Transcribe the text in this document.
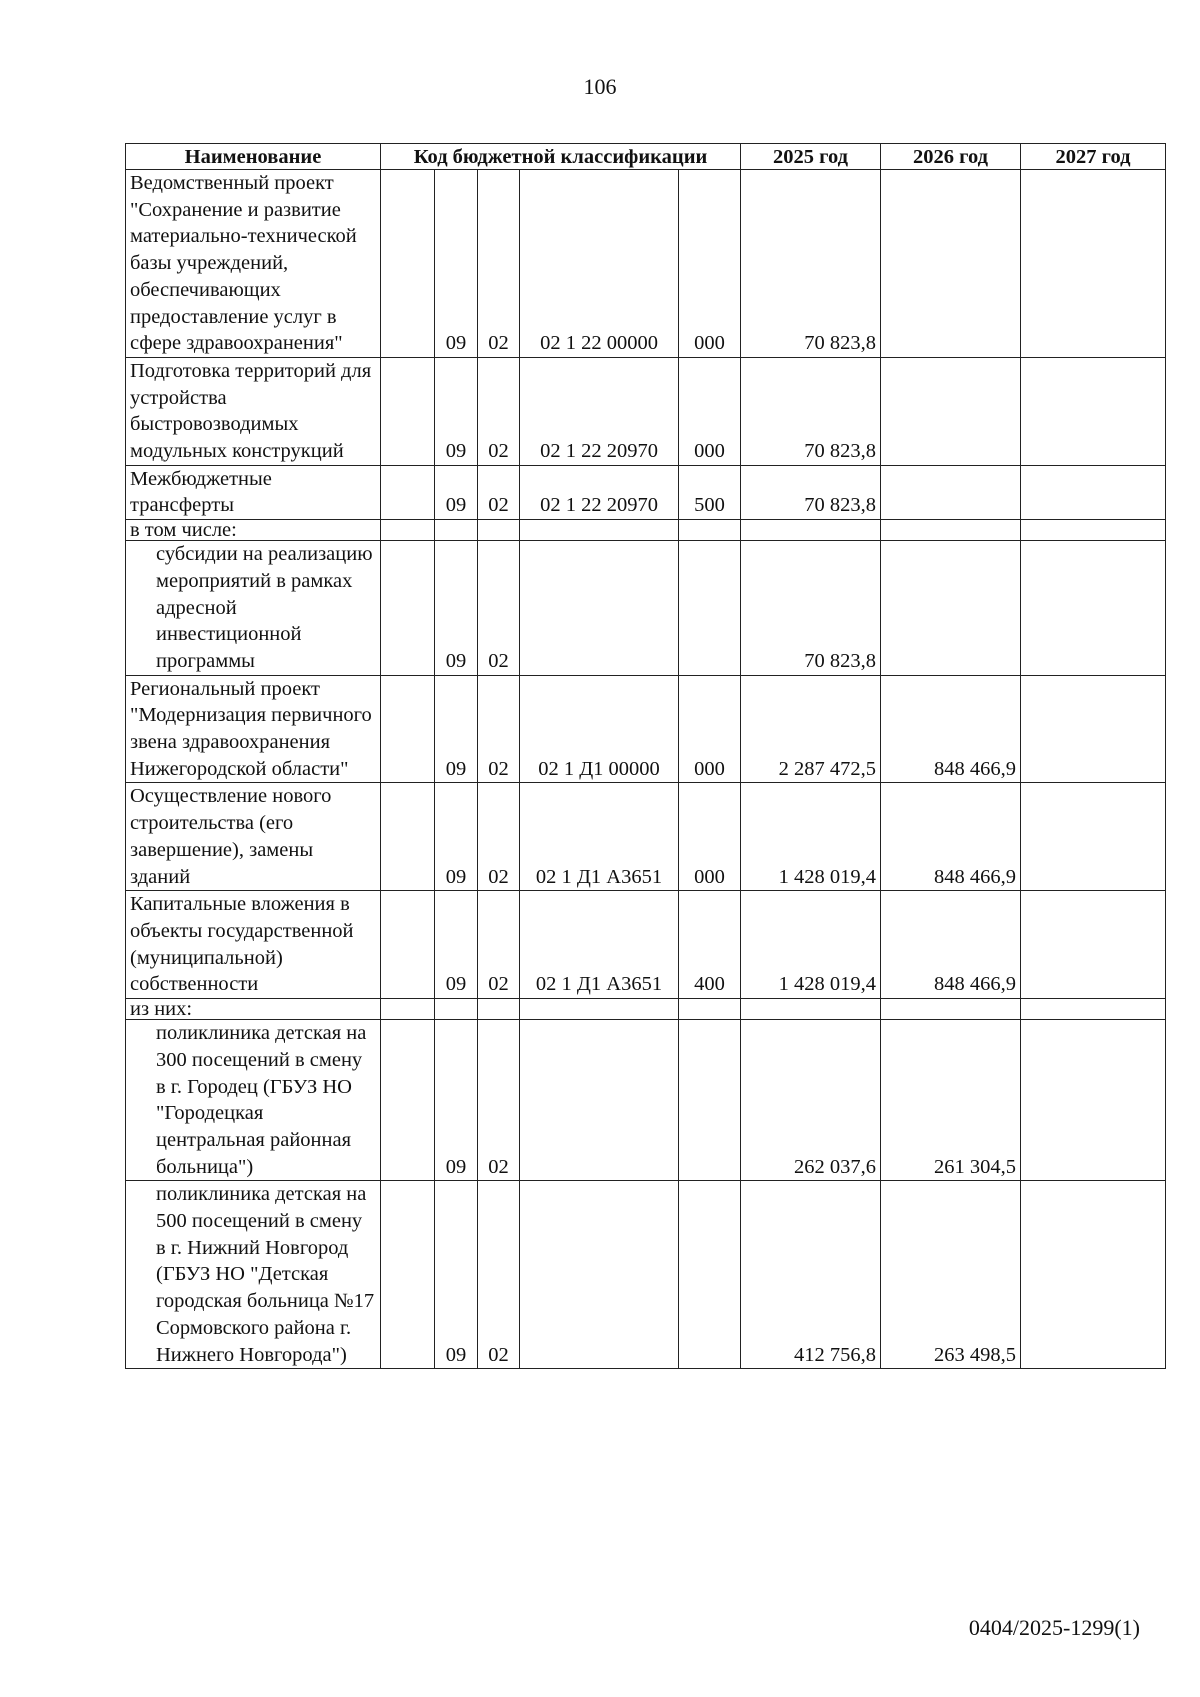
106
Наименование	Код бюджетной классификации					2025 год	2026 год	2027 год
Ведомственный проект "Сохранение и развитие материально-технической базы учреждений, обеспечивающих предоставление услуг в сфере здравоохранения"		09	02	02 1 22 00000	000	70 823,8		
Подготовка территорий для устройства быстровозводимых модульных конструкций		09	02	02 1 22 20970	000	70 823,8		
Межбюджетные трансферты		09	02	02 1 22 20970	500	70 823,8		
в том числе:								
субсидии на реализацию мероприятий в рамках адресной инвестиционной программы		09	02			70 823,8		
Региональный проект "Модернизация первичного звена здравоохранения Нижегородской области"		09	02	02 1 Д1 00000	000	2 287 472,5	848 466,9	
Осуществление нового строительства (его завершение), замены зданий		09	02	02 1 Д1 А3651	000	1 428 019,4	848 466,9	
Капитальные вложения в объекты государственной (муниципальной) собственности		09	02	02 1 Д1 А3651	400	1 428 019,4	848 466,9	
из них:								
поликлиника детская на 300 посещений в смену в г. Городец (ГБУЗ НО "Городецкая центральная районная больница")		09	02			262 037,6	261 304,5	
поликлиника детская на 500 посещений в смену в г. Нижний Новгород (ГБУЗ НО "Детская городская больница №17 Сормовского района г. Нижнего Новгорода")		09	02			412 756,8	263 498,5	
0404/2025-1299(1)
